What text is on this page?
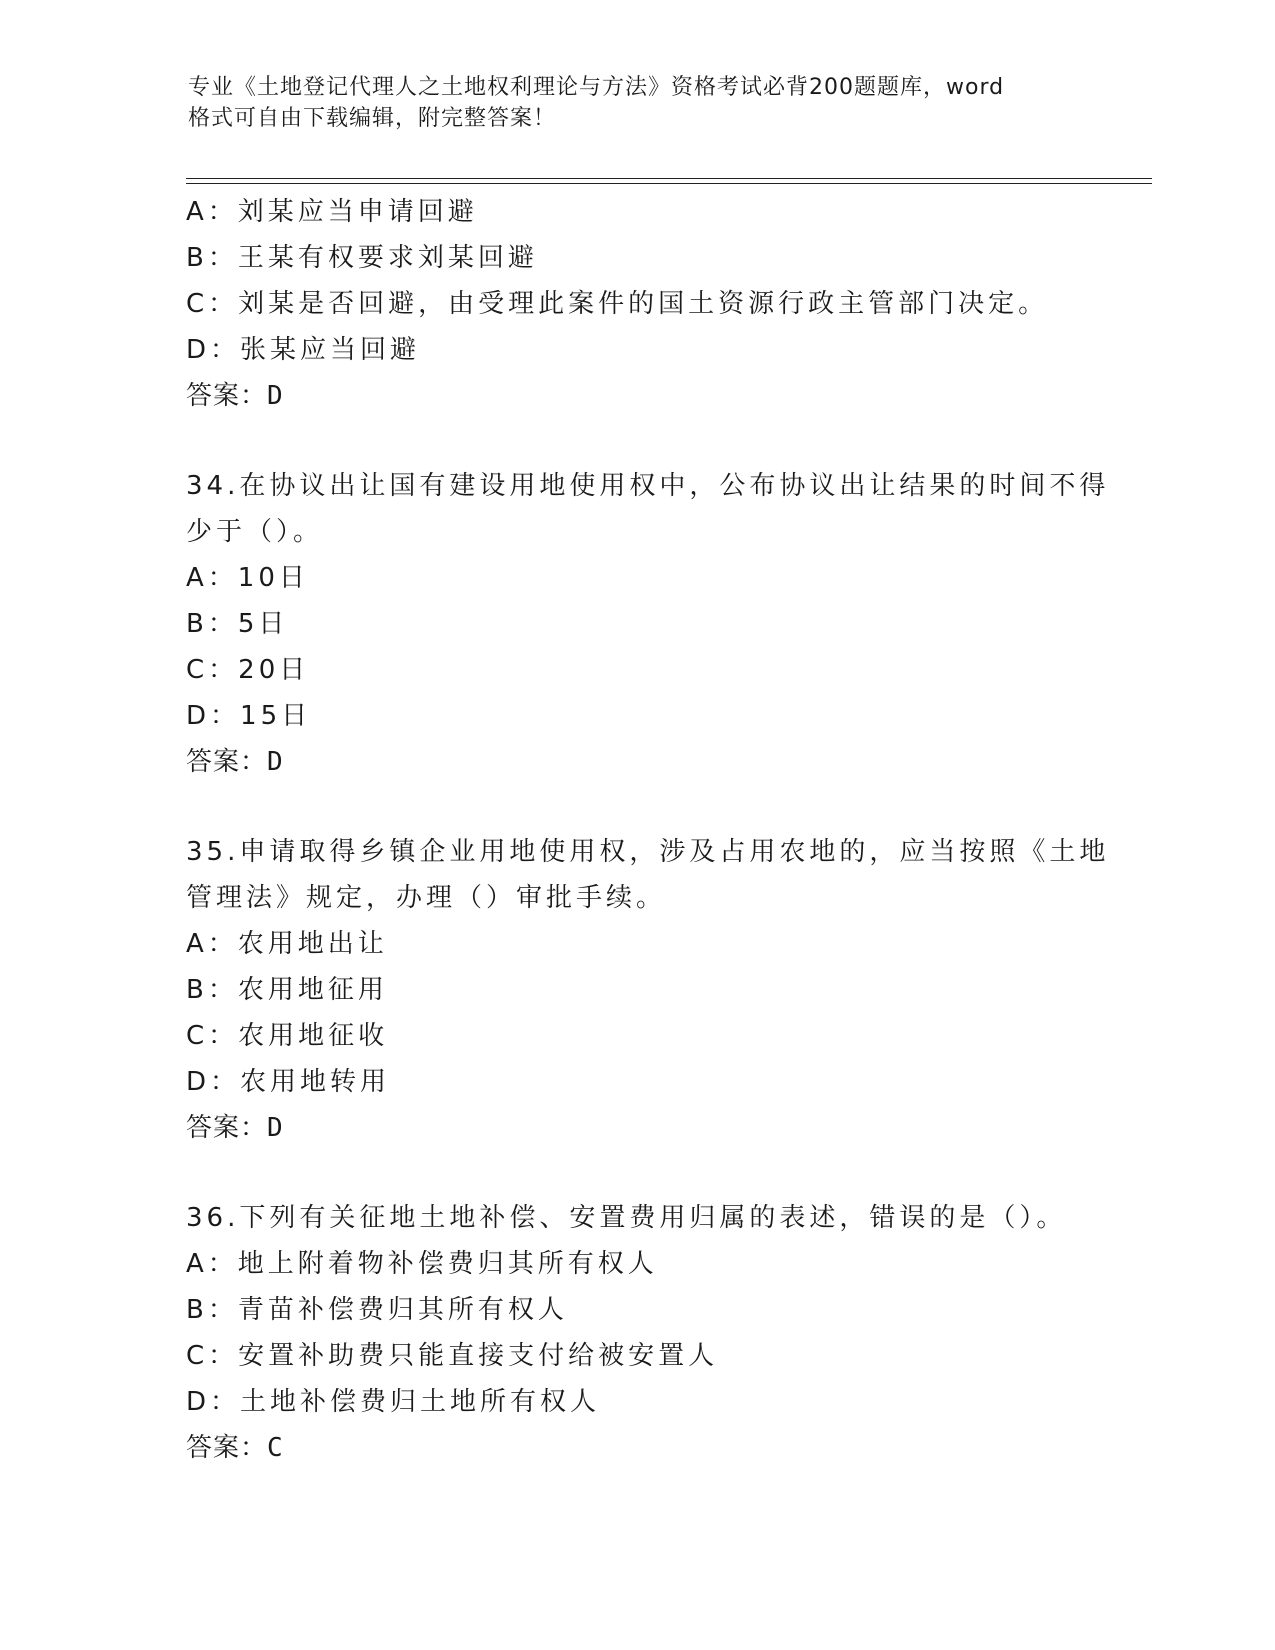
专业《土地登记代理人之土地权利理论与方法》资格考试必背200题题库，word
格式可自由下载编辑，附完整答案！
A：刘某应当申请回避
B：王某有权要求刘某回避
C：刘某是否回避，由受理此案件的国土资源行政主管部门决定。
D：张某应当回避
答案：D
34.在协议出让国有建设用地使用权中，公布协议出让结果的时间不得
少于（）。
A：10日
B：5日
C：20日
D：15日
答案：D
35.申请取得乡镇企业用地使用权，涉及占用农地的，应当按照《土地
管理法》规定，办理（）审批手续。
A：农用地出让
B：农用地征用
C：农用地征收
D：农用地转用
答案：D
36.下列有关征地土地补偿、安置费用归属的表述，错误的是（）。
A：地上附着物补偿费归其所有权人
B：青苗补偿费归其所有权人
C：安置补助费只能直接支付给被安置人
D：土地补偿费归土地所有权人
答案：C
